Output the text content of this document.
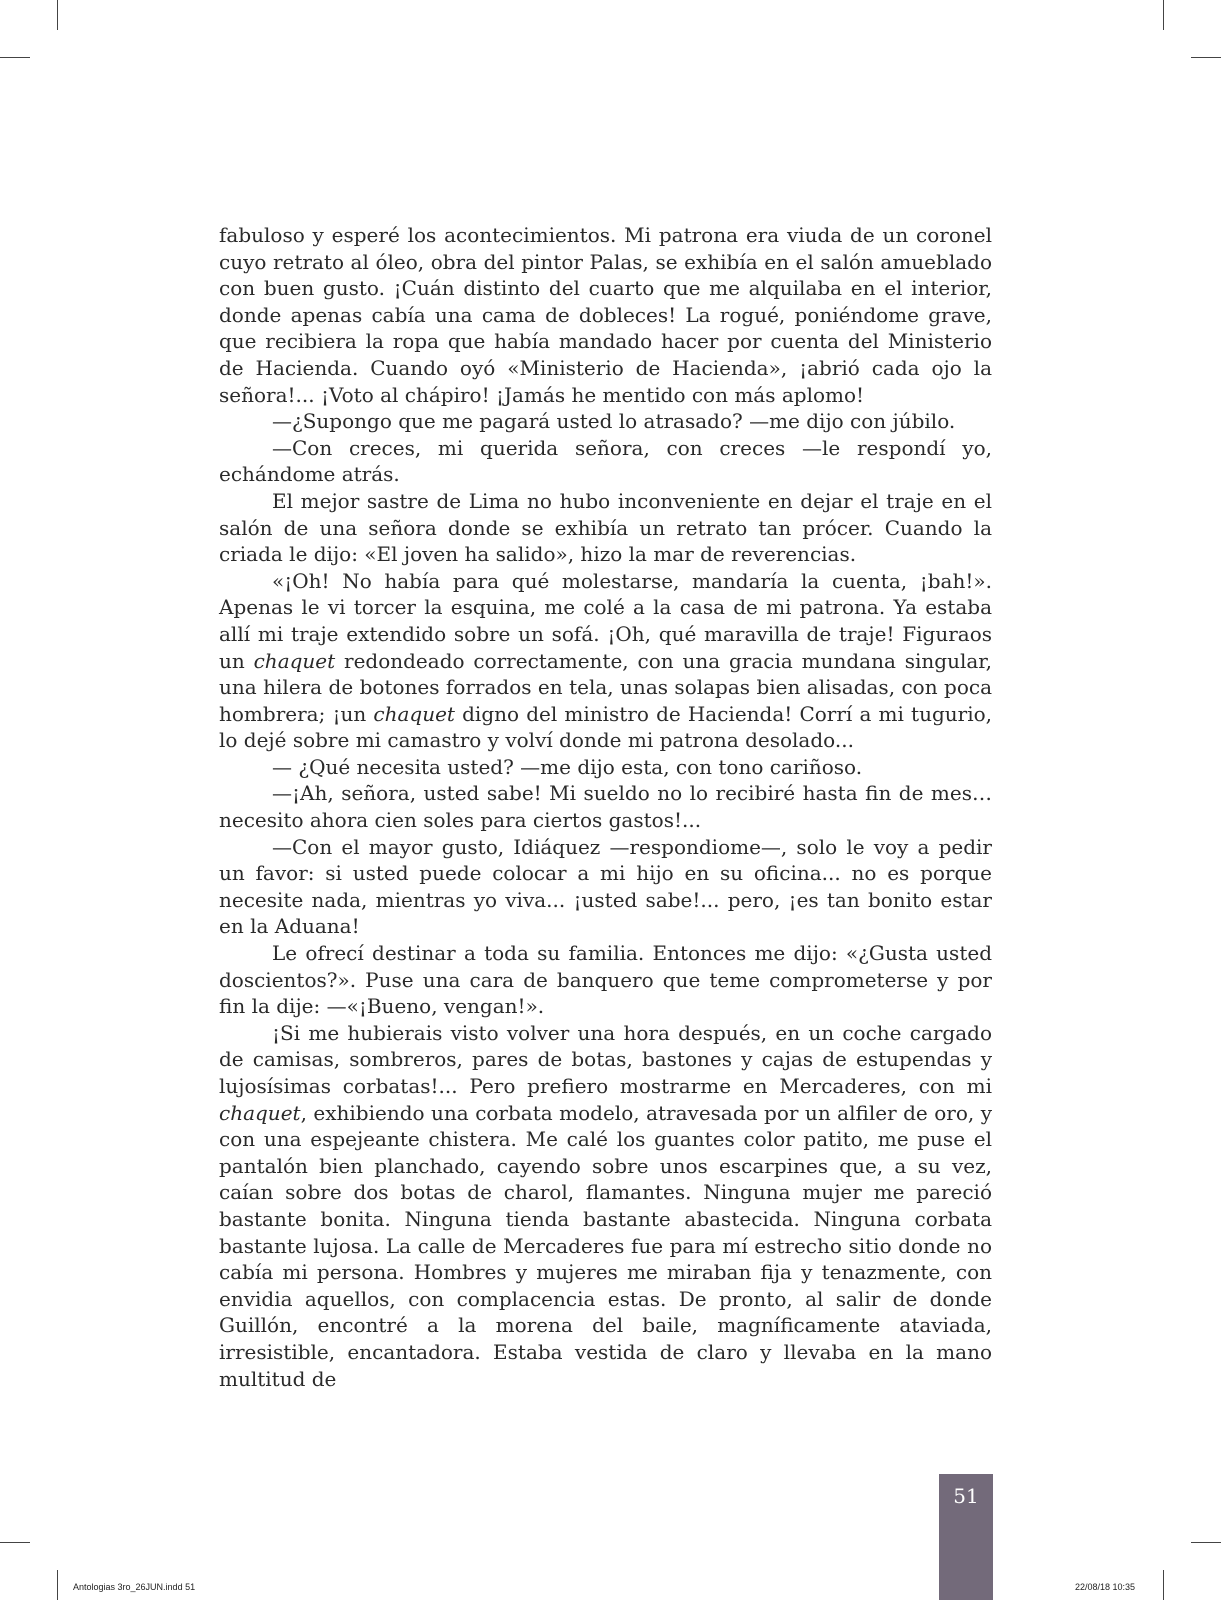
fabuloso y esperé los acontecimientos. Mi patrona era viuda de un coronel cuyo retrato al óleo, obra del pintor Palas, se exhibía en el salón amueblado con buen gusto. ¡Cuán distinto del cuarto que me alquilaba en el interior, donde apenas cabía una cama de dobleces! La rogué, poniéndome grave, que recibiera la ropa que había mandado hacer por cuenta del Ministerio de Hacienda. Cuando oyó «Ministerio de Hacienda», ¡abrió cada ojo la señora!... ¡Voto al chápiro! ¡Jamás he mentido con más aplomo!

—¿Supongo que me pagará usted lo atrasado? —me dijo con júbilo.

—Con creces, mi querida señora, con creces —le respondí yo, echándome atrás.

El mejor sastre de Lima no hubo inconveniente en dejar el traje en el salón de una señora donde se exhibía un retrato tan prócer. Cuando la criada le dijo: «El joven ha salido», hizo la mar de reverencias.

«¡Oh! No había para qué molestarse, mandaría la cuenta, ¡bah!». Apenas le vi torcer la esquina, me colé a la casa de mi patrona. Ya estaba allí mi traje extendido sobre un sofá. ¡Oh, qué maravilla de traje! Figuraos un chaquet redondeado correctamente, con una gracia mundana singular, una hilera de botones forrados en tela, unas solapas bien alisadas, con poca hombrera; ¡un chaquet digno del ministro de Hacienda! Corrí a mi tugurio, lo dejé sobre mi camastro y volví donde mi patrona desolado...

— ¿Qué necesita usted? —me dijo esta, con tono cariñoso.

—¡Ah, señora, usted sabe! Mi sueldo no lo recibiré hasta fin de mes… necesito ahora cien soles para ciertos gastos!...

—Con el mayor gusto, Idiáquez —respondiome—, solo le voy a pedir un favor: si usted puede colocar a mi hijo en su oficina... no es porque necesite nada, mientras yo viva... ¡usted sabe!... pero, ¡es tan bonito estar en la Aduana!

Le ofrecí destinar a toda su familia. Entonces me dijo: «¿Gusta usted doscientos?». Puse una cara de banquero que teme comprometerse y por fin la dije: —«¡Bueno, vengan!».

¡Si me hubierais visto volver una hora después, en un coche cargado de camisas, sombreros, pares de botas, bastones y cajas de estupendas y lujosísimas corbatas!... Pero prefiero mostrarme en Mercaderes, con mi chaquet, exhibiendo una corbata modelo, atravesada por un alfiler de oro, y con una espejeante chistera. Me calé los guantes color patito, me puse el pantalón bien planchado, cayendo sobre unos escarpines que, a su vez, caían sobre dos botas de charol, flamantes. Ninguna mujer me pareció bastante bonita. Ninguna tienda bastante abastecida. Ninguna corbata bastante lujosa. La calle de Mercaderes fue para mí estrecho sitio donde no cabía mi persona. Hombres y mujeres me miraban fija y tenazmente, con envidia aquellos, con complacencia estas. De pronto, al salir de donde Guillón, encontré a la morena del baile, magníficamente ataviada, irresistible, encantadora. Estaba vestida de claro y llevaba en la mano multitud de

51
Antologias 3ro_26JUN.indd 51	22/08/18 10:35
